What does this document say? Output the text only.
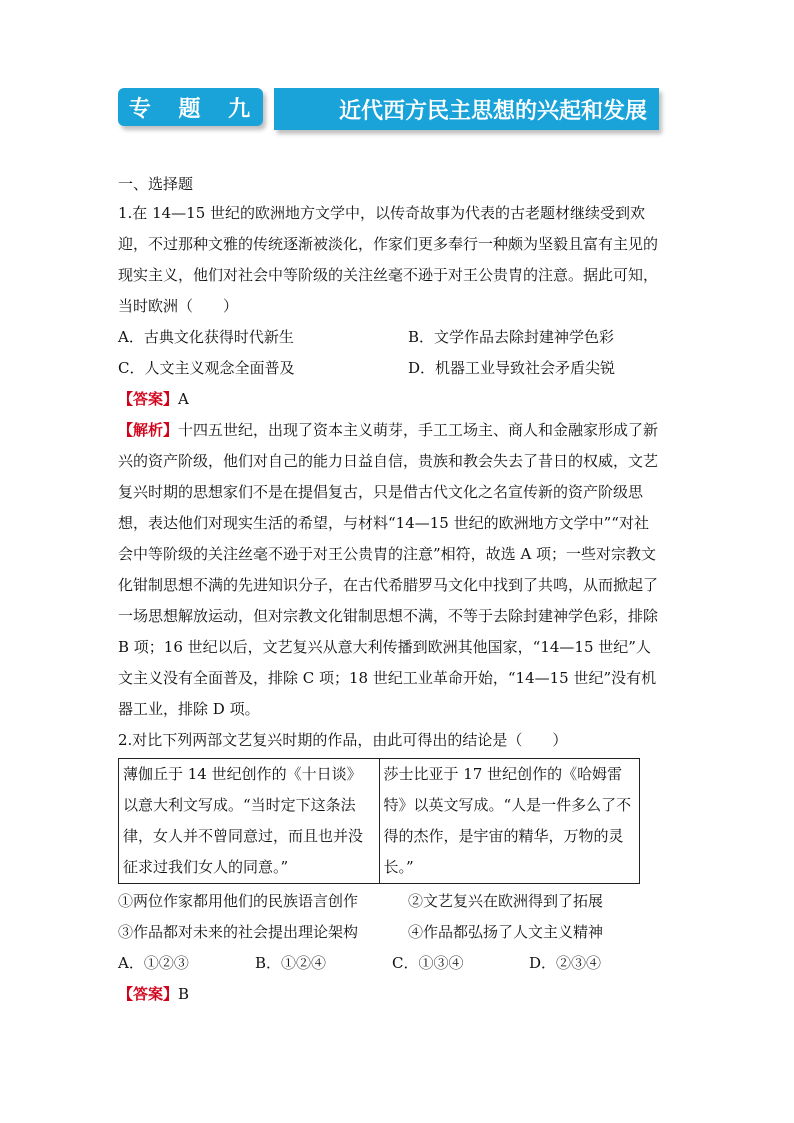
专 题 九	近代西方民主思想的兴起和发展

一、选择题

1.在 14—15 世纪的欧洲地方文学中，以传奇故事为代表的古老题材继续受到欢迎，不过那种文雅的传统逐渐被淡化，作家们更多奉行一种颇为坚毅且富有主见的现实主义，他们对社会中等阶级的关注丝毫不逊于对王公贵胄的注意。据此可知，当时欧洲（　　）

A．古典文化获得时代新生	B．文学作品去除封建神学色彩
C．人文主义观念全面普及	D．机器工业导致社会矛盾尖锐

【答案】A

【解析】十四五世纪，出现了资本主义萌芽，手工工场主、商人和金融家形成了新兴的资产阶级，他们对自己的能力日益自信，贵族和教会失去了昔日的权威，文艺复兴时期的思想家们不是在提倡复古，只是借古代文化之名宣传新的资产阶级思想，表达他们对现实生活的希望，与材料“14—15 世纪的欧洲地方文学中”“对社会中等阶级的关注丝毫不逊于对王公贵胄的注意”相符，故选 A 项；一些对宗教文化钳制思想不满的先进知识分子，在古代希腊罗马文化中找到了共鸣，从而掀起了一场思想解放运动，但对宗教文化钳制思想不满，不等于去除封建神学色彩，排除 B 项；16 世纪以后，文艺复兴从意大利传播到欧洲其他国家，“14—15 世纪”人文主义没有全面普及，排除 C 项；18 世纪工业革命开始，“14—15 世纪”没有机器工业，排除 D 项。

2.对比下列两部文艺复兴时期的作品，由此可得出的结论是（　　）

薄伽丘于 14 世纪创作的《十日谈》以意大利文写成。“当时定下这条法律，女人并不曾同意过，而且也并没征求过我们女人的同意。”	莎士比亚于 17 世纪创作的《哈姆雷特》以英文写成。“人是一件多么了不得的杰作，是宇宙的精华，万物的灵长。”
①两位作家都用他们的民族语言创作	②文艺复兴在欧洲得到了拓展
③作品都对未来的社会提出理论架构	④作品都弘扬了人文主义精神
A．①②③	B．①②④	C．①③④	D．②③④

【答案】B
